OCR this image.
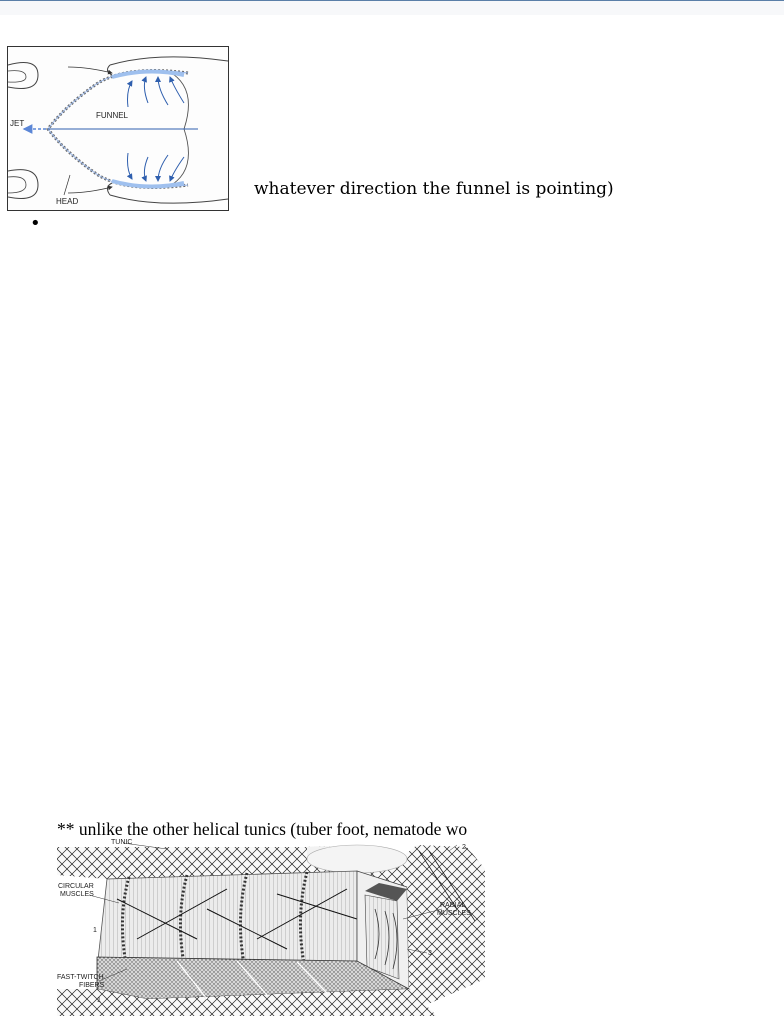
JET
FUNNEL
HEAD
whatever direction the funnel is pointing)
•
** unlike the other helical tunics (tuber foot, nematode wo
TUNIC
CIRCULAR
MUSCLES
RADIAL
MUSCLES
FAST-TWITCH
FIBERS
1
1
2
3
